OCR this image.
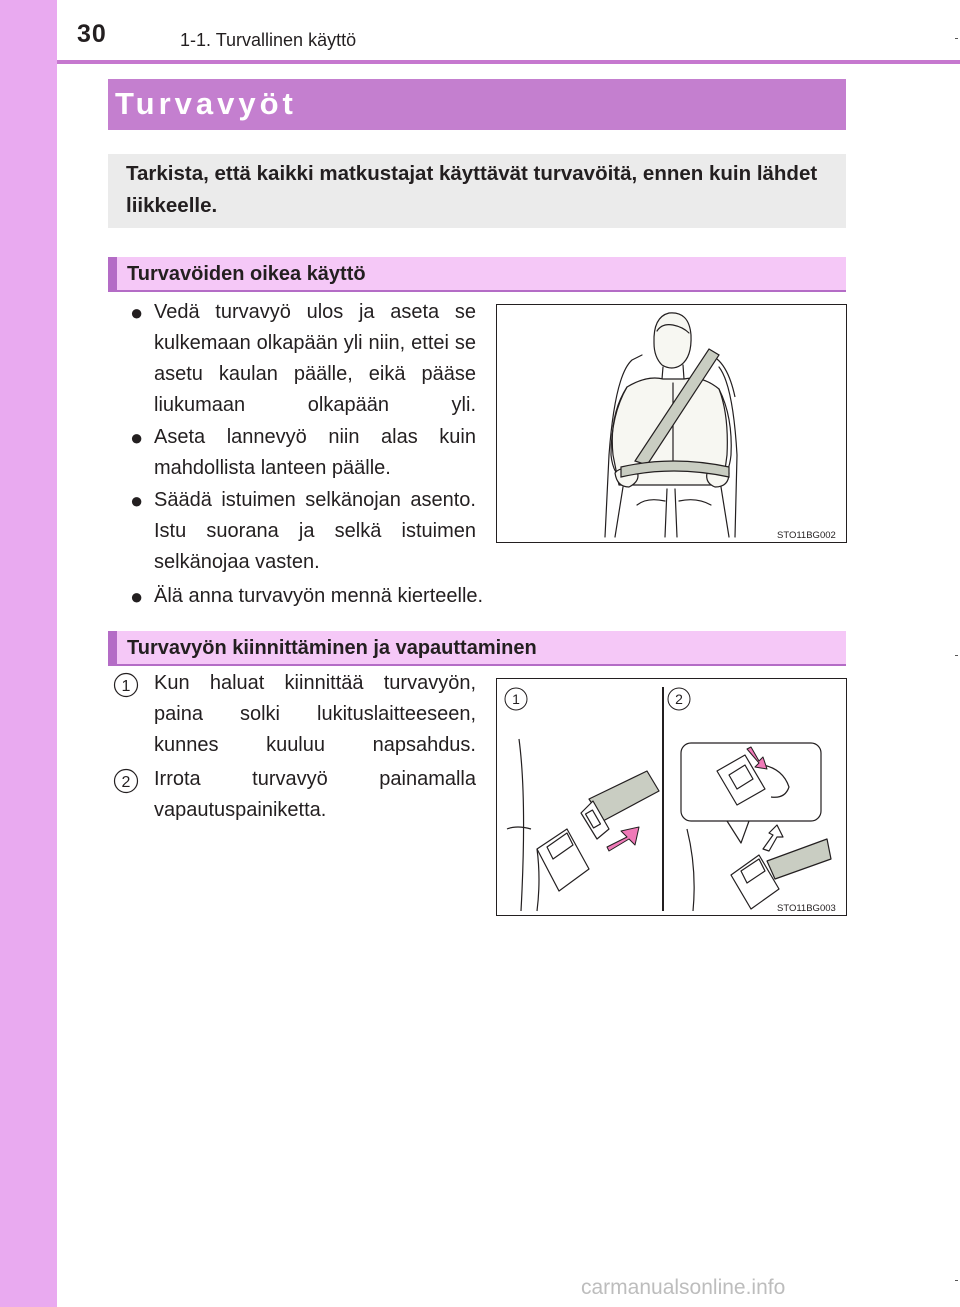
30	1-1. Turvallinen käyttö
Turvavyöt
Tarkista, että kaikki matkustajat käyttävät turvavöitä, ennen kuin lähdet liikkeelle.
Turvavöiden oikea käyttö
● Vedä turvavyö ulos ja aseta se kulkemaan olkapään yli niin, ettei se asetu kaulan päälle, eikä pääse liukumaan olkapään yli.
● Aseta lannevyö niin alas kuin mahdollista lanteen päälle.
● Säädä istuimen selkänojan asento. Istu suorana ja selkä istuimen selkänojaa vasten.
● Älä anna turvavyön mennä kierteelle.
STO11BG002
Turvavyön kiinnittäminen ja vapauttaminen
1 Kun haluat kiinnittää turvavyön, paina solki lukituslaitteeseen, kunnes kuuluu napsahdus.
2 Irrota turvavyö painamalla vapautuspainiketta.
1	2
STO11BG003
carmanualsonline.info
